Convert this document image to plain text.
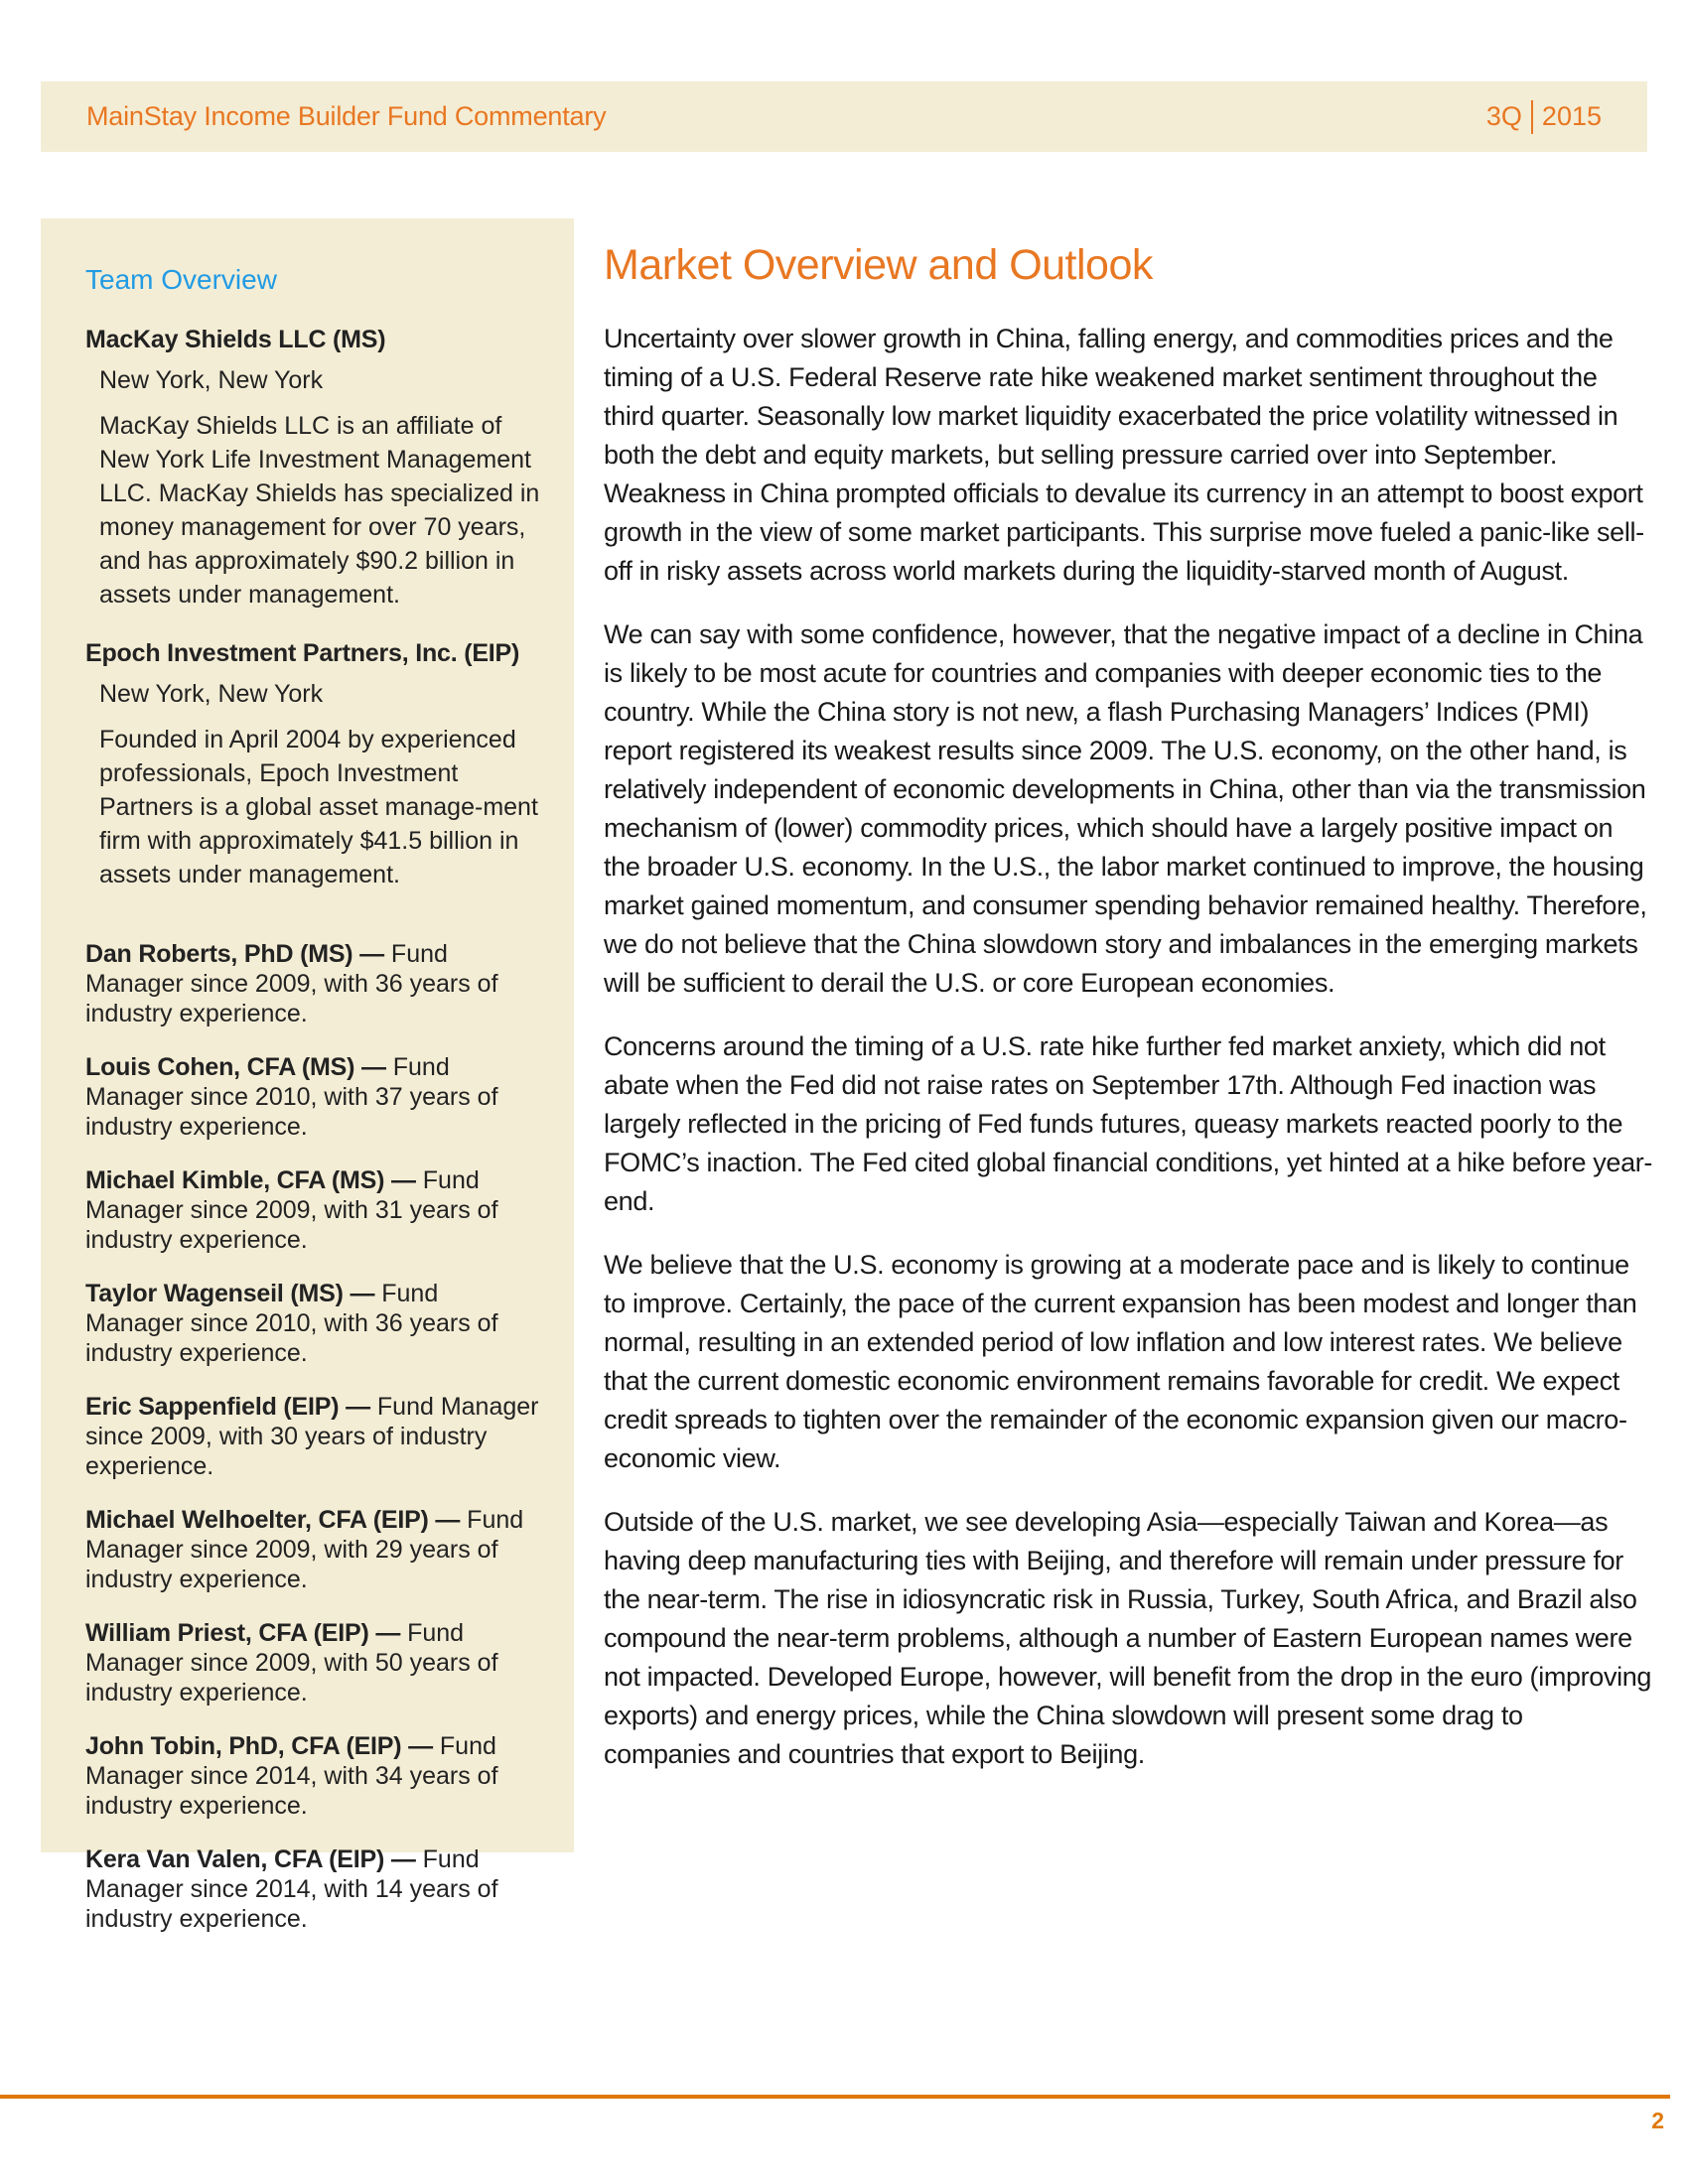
MainStay Income Builder Fund Commentary	3Q 2015
Team Overview

MacKay Shields LLC (MS)

New York, New York

MacKay Shields LLC is an affiliate of New York Life Investment Management LLC. MacKay Shields has specialized in money management for over 70 years, and has approximately $90.2 billion in assets under management.

Epoch Investment Partners, Inc. (EIP)

New York, New York

Founded in April 2004 by experienced professionals, Epoch Investment Partners is a global asset manage-ment firm with approximately $41.5 billion in assets under management.

Dan Roberts, PhD (MS) — Fund Manager since 2009, with 36 years of industry experience.

Louis Cohen, CFA (MS) — Fund Manager since 2010, with 37 years of industry experience.

Michael Kimble, CFA (MS) — Fund Manager since 2009, with 31 years of industry experience.

Taylor Wagenseil (MS) — Fund Manager since 2010, with 36 years of industry experience.

Eric Sappenfield (EIP) — Fund Manager since 2009, with 30 years of industry experience.

Michael Welhoelter, CFA (EIP) — Fund Manager since 2009, with 29 years of industry experience.

William Priest, CFA (EIP) — Fund Manager since 2009, with 50 years of industry experience.

John Tobin, PhD, CFA (EIP) — Fund Manager since 2014, with 34 years of industry experience.

Kera Van Valen, CFA (EIP) — Fund Manager since 2014, with 14 years of industry experience.

Market Overview and Outlook

Uncertainty over slower growth in China, falling energy, and commodities prices and the timing of a U.S. Federal Reserve rate hike weakened market sentiment throughout the third quarter. Seasonally low market liquidity exacerbated the price volatility witnessed in both the debt and equity markets, but selling pressure carried over into September. Weakness in China prompted officials to devalue its currency in an attempt to boost export growth in the view of some market participants. This surprise move fueled a panic-like sell-off in risky assets across world markets during the liquidity-starved month of August.

We can say with some confidence, however, that the negative impact of a decline in China is likely to be most acute for countries and companies with deeper economic ties to the country. While the China story is not new, a flash Purchasing Managers’ Indices (PMI) report registered its weakest results since 2009. The U.S. economy, on the other hand, is relatively independent of economic developments in China, other than via the transmission mechanism of (lower) commodity prices, which should have a largely positive impact on the broader U.S. economy. In the U.S., the labor market continued to improve, the housing market gained momentum, and consumer spending behavior remained healthy. Therefore, we do not believe that the China slowdown story and imbalances in the emerging markets will be sufficient to derail the U.S. or core European economies.

Concerns around the timing of a U.S. rate hike further fed market anxiety, which did not abate when the Fed did not raise rates on September 17th. Although Fed inaction was largely reflected in the pricing of Fed funds futures, queasy markets reacted poorly to the FOMC’s inaction. The Fed cited global financial conditions, yet hinted at a hike before year-end.

We believe that the U.S. economy is growing at a moderate pace and is likely to continue to improve. Certainly, the pace of the current expansion has been modest and longer than normal, resulting in an extended period of low inflation and low interest rates. We believe that the current domestic economic environment remains favorable for credit. We expect credit spreads to tighten over the remainder of the economic expansion given our macro-economic view.

Outside of the U.S. market, we see developing Asia—especially Taiwan and Korea—as having deep manufacturing ties with Beijing, and therefore will remain under pressure for the near-term. The rise in idiosyncratic risk in Russia, Turkey, South Africa, and Brazil also compound the near-term problems, although a number of Eastern European names were not impacted. Developed Europe, however, will benefit from the drop in the euro (improving exports) and energy prices, while the China slowdown will present some drag to companies and countries that export to Beijing.

2
